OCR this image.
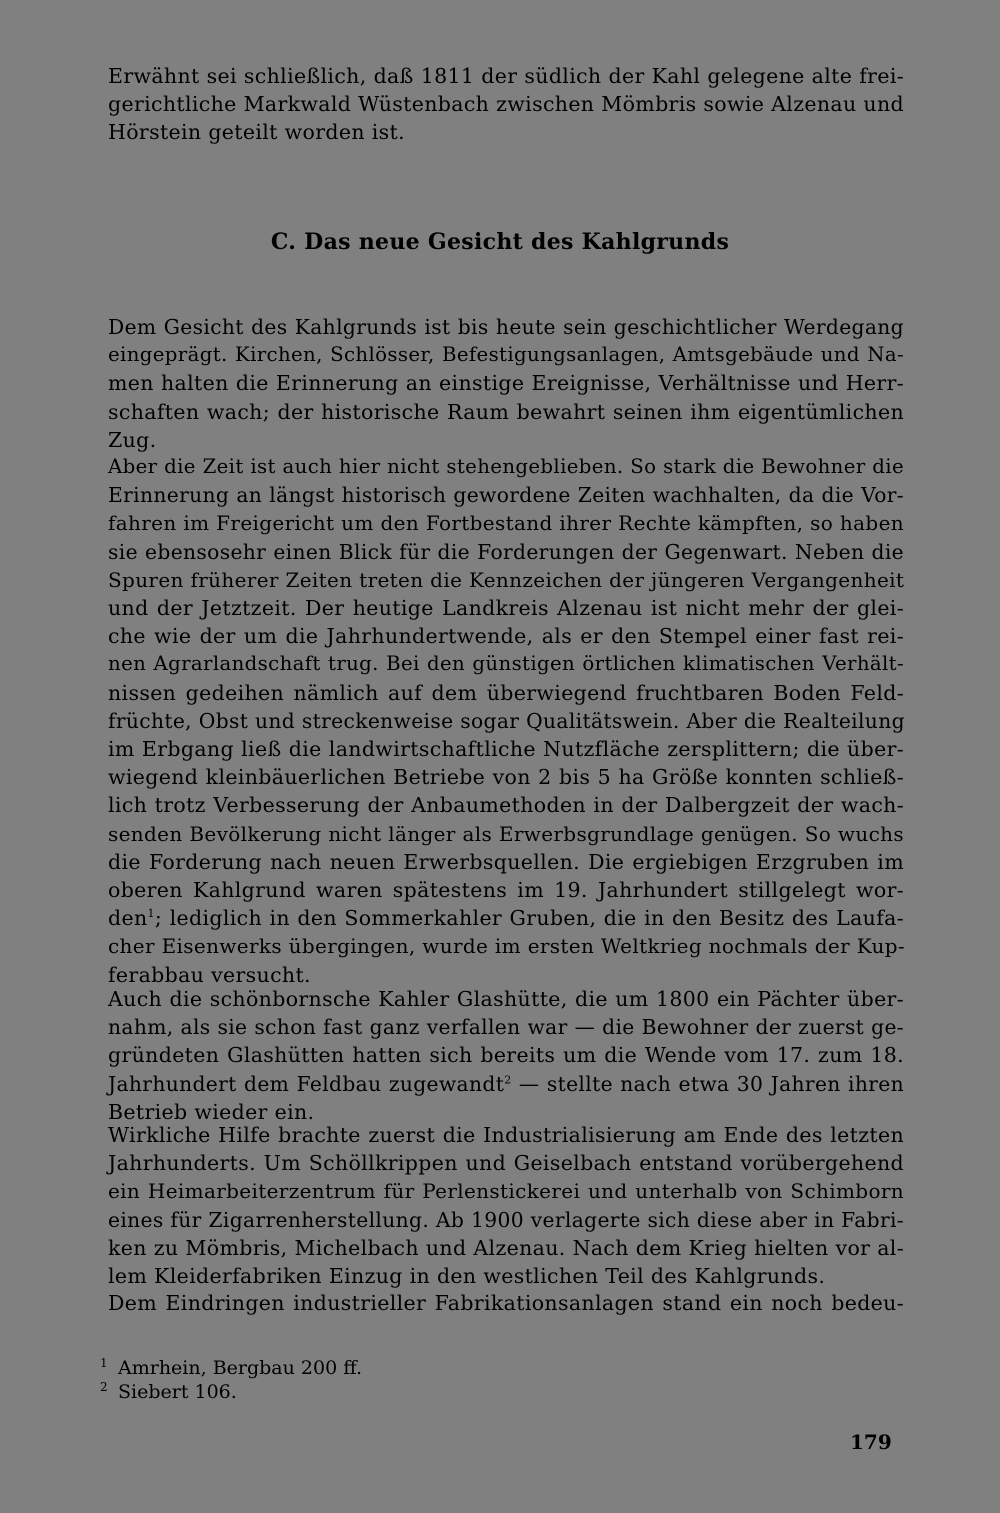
Erwähnt sei schließlich, daß 1811 der südlich der Kahl gelegene alte frei-
gerichtliche Markwald Wüstenbach zwischen Mömbris sowie Alzenau und
Hörstein geteilt worden ist.
C. Das neue Gesicht des Kahlgrunds
Dem Gesicht des Kahlgrunds ist bis heute sein geschichtlicher Werdegang
eingeprägt. Kirchen, Schlösser, Befestigungsanlagen, Amtsgebäude und Na-
men halten die Erinnerung an einstige Ereignisse, Verhältnisse und Herr-
schaften wach; der historische Raum bewahrt seinen ihm eigentümlichen
Zug.
Aber die Zeit ist auch hier nicht stehengeblieben. So stark die Bewohner die
Erinnerung an längst historisch gewordene Zeiten wachhalten, da die Vor-
fahren im Freigericht um den Fortbestand ihrer Rechte kämpften, so haben
sie ebensosehr einen Blick für die Forderungen der Gegenwart. Neben die
Spuren früherer Zeiten treten die Kennzeichen der jüngeren Vergangenheit
und der Jetztzeit. Der heutige Landkreis Alzenau ist nicht mehr der glei-
che wie der um die Jahrhundertwende, als er den Stempel einer fast rei-
nen Agrarlandschaft trug. Bei den günstigen örtlichen klimatischen Verhält-
nissen gedeihen nämlich auf dem überwiegend fruchtbaren Boden Feld-
früchte, Obst und streckenweise sogar Qualitätswein. Aber die Realteilung
im Erbgang ließ die landwirtschaftliche Nutzfläche zersplittern; die über-
wiegend kleinbäuerlichen Betriebe von 2 bis 5 ha Größe konnten schließ-
lich trotz Verbesserung der Anbaumethoden in der Dalbergzeit der wach-
senden Bevölkerung nicht länger als Erwerbsgrundlage genügen. So wuchs
die Forderung nach neuen Erwerbsquellen. Die ergiebigen Erzgruben im
oberen Kahlgrund waren spätestens im 19. Jahrhundert stillgelegt wor-
den$^1$; lediglich in den Sommerkahler Gruben, die in den Besitz des Laufa-
cher Eisenwerks übergingen, wurde im ersten Weltkrieg nochmals der Kup-
ferabbau versucht.
Auch die schönbornsche Kahler Glashütte, die um 1800 ein Pächter über-
nahm, als sie schon fast ganz verfallen war — die Bewohner der zuerst ge-
gründeten Glashütten hatten sich bereits um die Wende vom 17. zum 18.
Jahrhundert dem Feldbau zugewandt$^2$ — stellte nach etwa 30 Jahren ihren
Betrieb wieder ein.
Wirkliche Hilfe brachte zuerst die Industrialisierung am Ende des letzten
Jahrhunderts. Um Schöllkrippen und Geiselbach entstand vorübergehend
ein Heimarbeiterzentrum für Perlenstickerei und unterhalb von Schimborn
eines für Zigarrenherstellung. Ab 1900 verlagerte sich diese aber in Fabri-
ken zu Mömbris, Michelbach und Alzenau. Nach dem Krieg hielten vor al-
lem Kleiderfabriken Einzug in den westlichen Teil des Kahlgrunds.
Dem Eindringen industrieller Fabrikationsanlagen stand ein noch bedeu-
1 Amrhein, Bergbau 200 ff.
2 Siebert 106.
179
